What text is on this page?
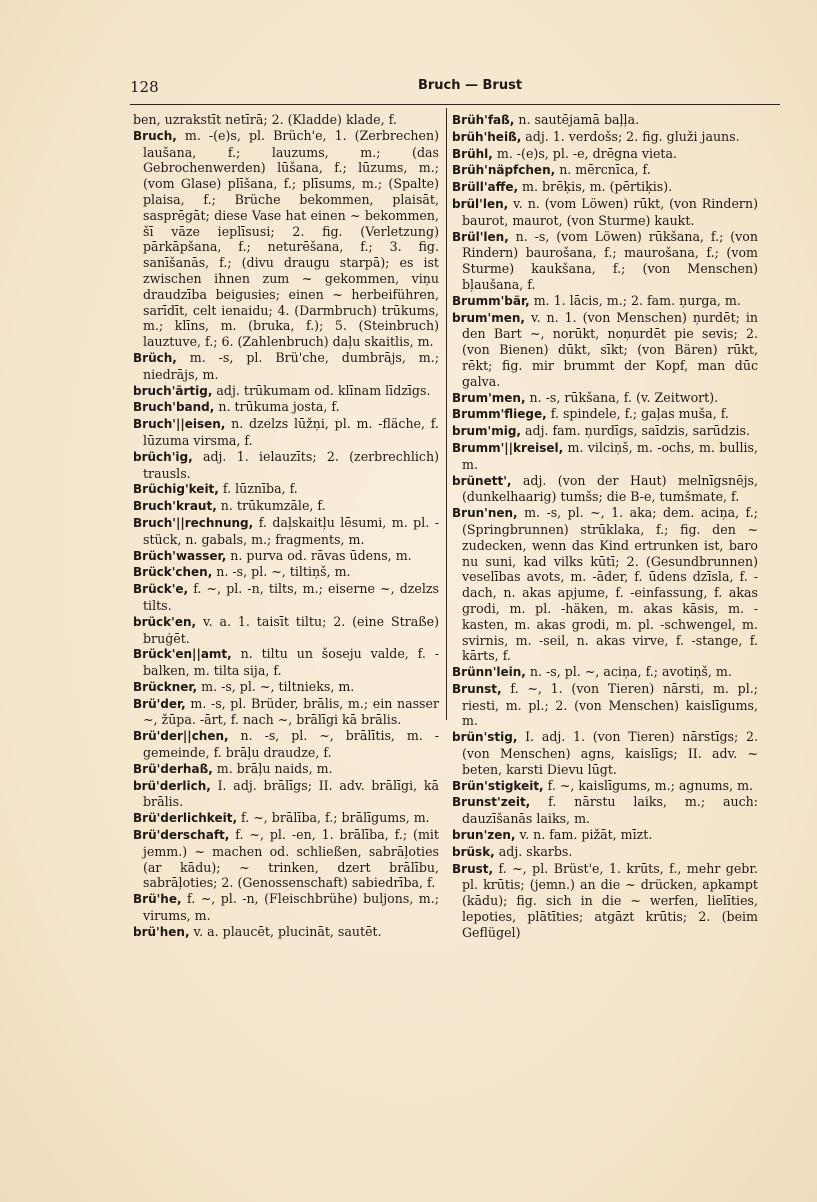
128	Bruch — Brust

ben, uzrakstīt netīrā; 2. (Kladde) klade, f.

Bruch, m. -(e)s, pl. Brüch'e, 1. (Zerbrechen) laušana, f.; lauzums, m.; (das Gebrochenwerden) lūšana, f.; lūzums, m.; (vom Glase) plīšana, f.; plīsums, m.; (Spalte) plaisa, f.; Brüche bekommen, plaisāt, sasprēgāt; diese Vase hat einen ~ bekommen, šī vāze ieplīsusi; 2. fig. (Verletzung) pārkāpšana, f.; neturēšana, f.; 3. fig. sanīšanās, f.; (divu draugu starpā); es ist zwischen ihnen zum ~ gekommen, viņu draudzība beigusies; einen ~ herbeiführen, sarīdīt, celt ienaidu; 4. (Darmbruch) trūkums, m.; klīns, m. (bruka, f.); 5. (Steinbruch) lauztuve, f.; 6. (Zahlenbruch) daļu skaitlis, m.

Brüch, m. -s, pl. Brü'che, dumbrājs, m.; niedrājs, m.

bruch'ārtig, adj. trūkumam od. klīnam līdzīgs.

Bruch'band, n. trūkuma josta, f.

Bruch'||eisen, n. dzelzs lūžņi, pl. m. -fläche, f. lūzuma virsma, f.

brüch'ig, adj. 1. ielauzīts; 2. (zerbrechlich) trausls.

Brüchig'keit, f. lūznība, f.

Bruch'kraut, n. trūkumzāle, f.

Bruch'||rechnung, f. daļskaitļu lēsumi, m. pl. -stück, n. gabals, m.; fragments, m.

Brüch'wasser, n. purva od. rāvas ūdens, m.

Brück'chen, n. -s, pl. ~, tiltiņš, m.

Brück'e, f. ~, pl. -n, tilts, m.; eiserne ~, dzelzs tilts.

brück'en, v. a. 1. taisīt tiltu; 2. (eine Straße) bruģēt.

Brück'en||amt, n. tiltu un šoseju valde, f. -balken, m. tilta sija, f.

Brückner, m. -s, pl. ~, tiltnieks, m.

Brü'der, m. -s, pl. Brüder, brālis, m.; ein nasser ~, žūpa. -ārt, f. nach ~, brālīgi kā brālis.

Brü'der||chen, n. -s, pl. ~, brālītis, m. -gemeinde, f. brāļu draudze, f.

Brü'derhaß, m. brāļu naids, m.

brü'derlich, I. adj. brālīgs; II. adv. brālīgi, kā brālis.

Brü'derlichkeit, f. ~, brālība, f.; brālīgums, m.

Brü'derschaft, f. ~, pl. -en, 1. brālība, f.; (mit jemm.) ~ machen od. schließen, sabrāļoties (ar kādu); ~ trinken, dzert brālību, sabrāļoties; 2. (Genossenschaft) sabiedrība, f.

Brü'he, f. ~, pl. -n, (Fleischbrühe) buljons, m.; virums, m.

brü'hen, v. a. plaucēt, plucināt, sautēt.

Brüh'faß, n. sautējamā baļļa.

brüh'heiß, adj. 1. verdošs; 2. fig. gluži jauns.

Brühl, m. -(e)s, pl. -e, drēgna vieta.

Brüh'näpfchen, n. mērcnīca, f.

Brüll'affe, m. brēķis, m. (pērtiķis).

brül'len, v. n. (vom Löwen) rūkt, (von Rindern) baurot, maurot, (von Sturme) kaukt.

Brül'len, n. -s, (vom Löwen) rūkšana, f.; (von Rindern) baurošana, f.; maurošana, f.; (vom Sturme) kaukšana, f.; (von Menschen) bļaušana, f.

Brumm'bär, m. 1. lācis, m.; 2. fam. ņurga, m.

brum'men, v. n. 1. (von Menschen) ņurdēt; in den Bart ~, norūkt, noņurdēt pie sevis; 2. (von Bienen) dūkt, sīkt; (von Bären) rūkt, rēkt; fig. mir brummt der Kopf, man dūc galva.

Brum'men, n. -s, rūkšana, f. (v. Zeitwort).

Brumm'fliege, f. spindele, f.; gaļas muša, f.

brum'mig, adj. fam. ņurdīgs, saīdzis, sarūdzis.

Brumm'||kreisel, m. vilciņš, m. -ochs, m. bullis, m.

brünett', adj. (von der Haut) melnīgsnējs, (dunkelhaarig) tumšs; die B-e, tumšmate, f.

Brun'nen, m. -s, pl. ~, 1. aka; dem. aciņa, f.; (Springbrunnen) strūklaka, f.; fig. den ~ zudecken, wenn das Kind ertrunken ist, baro nu suni, kad vilks kūtī; 2. (Gesundbrunnen) veselības avots, m. -āder, f. ūdens dzīsla, f. -dach, n. akas apjume, f. -einfassung, f. akas grodi, m. pl. -häken, m. akas kāsis, m. -kasten, m. akas grodi, m. pl. -schwengel, m. svirnis, m. -seil, n. akas virve, f. -stange, f. kārts, f.

Brünn'lein, n. -s, pl. ~, aciņa, f.; avotiņš, m.

Brunst, f. ~, 1. (von Tieren) nārsti, m. pl.; riesti, m. pl.; 2. (von Menschen) kaislīgums, m.

brün'stig, I. adj. 1. (von Tieren) nārstīgs; 2. (von Menschen) agns, kaislīgs; II. adv. ~ beten, karsti Dievu lūgt.

Brün'stigkeit, f. ~, kaislīgums, m.; agnums, m.

Brunst'zeit, f. nārstu laiks, m.; auch: dauzīšanās laiks, m.

brun'zen, v. n. fam. pižāt, mīzt.

brüsk, adj. skarbs.

Brust, f. ~, pl. Brüst'e, 1. krūts, f., mehr gebr. pl. krūtis; (jemn.) an die ~ drücken, apkampt (kādu); fig. sich in die ~ werfen, lielīties, lepoties, plātīties; atgāzt krūtis; 2. (beim Geflügel)
